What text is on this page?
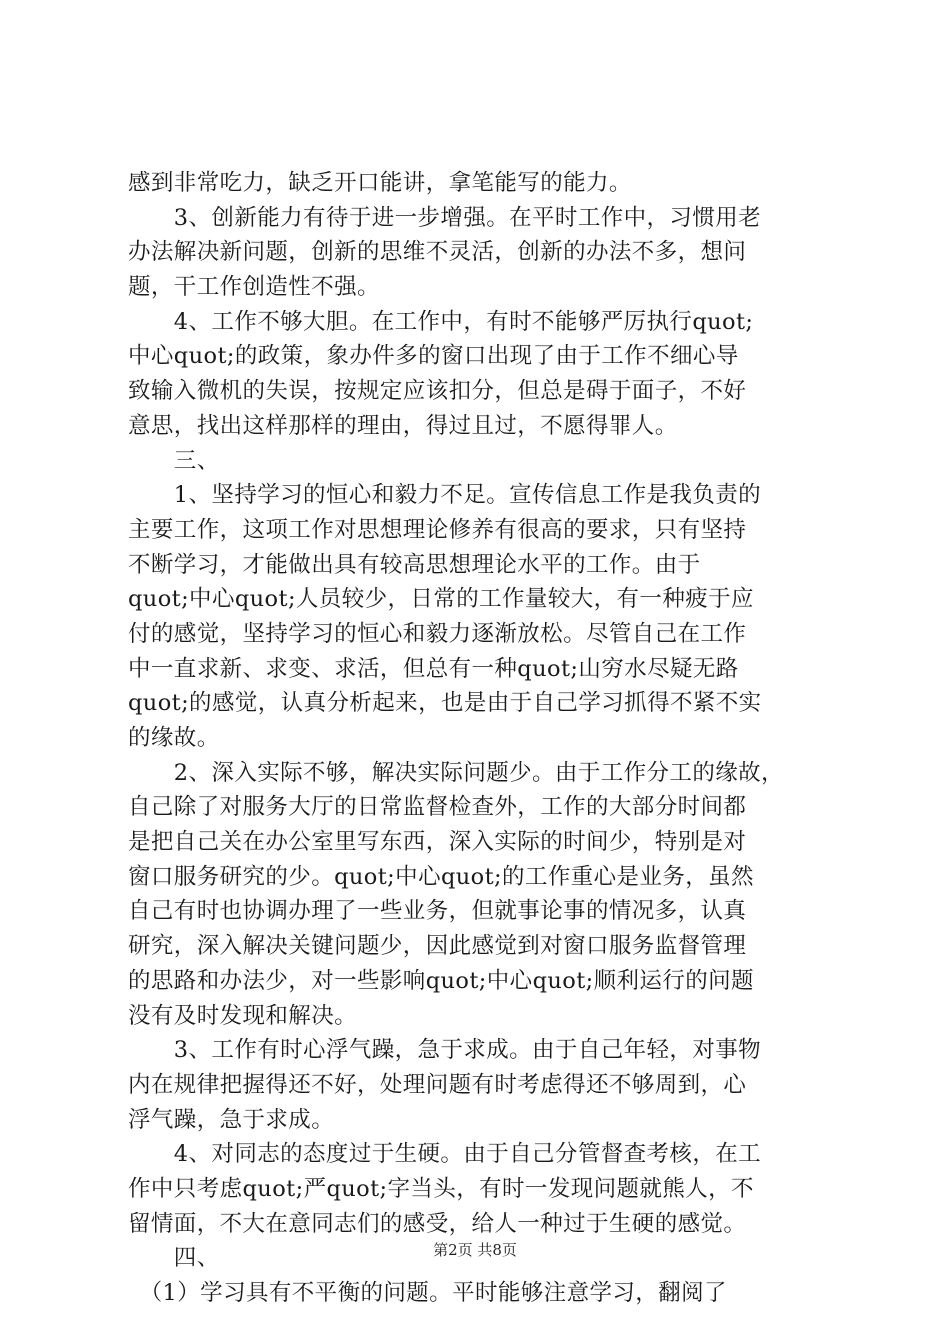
感到非常吃力，缺乏开口能讲，拿笔能写的能力。
　　3、创新能力有待于进一步增强。在平时工作中，习惯用老
办法解决新问题，创新的思维不灵活，创新的办法不多，想问
题，干工作创造性不强。
　　4、工作不够大胆。在工作中，有时不能够严厉执行quot;
中心quot;的政策，象办件多的窗口出现了由于工作不细心导
致输入微机的失误，按规定应该扣分，但总是碍于面子，不好
意思，找出这样那样的理由，得过且过，不愿得罪人。
　　三、
　　1、坚持学习的恒心和毅力不足。宣传信息工作是我负责的
主要工作，这项工作对思想理论修养有很高的要求，只有坚持
不断学习，才能做出具有较高思想理论水平的工作。由于
quot;中心quot;人员较少，日常的工作量较大，有一种疲于应
付的感觉，坚持学习的恒心和毅力逐渐放松。尽管自己在工作
中一直求新、求变、求活，但总有一种quot;山穷水尽疑无路
quot;的感觉，认真分析起来，也是由于自己学习抓得不紧不实
的缘故。
　　2、深入实际不够，解决实际问题少。由于工作分工的缘故，
自己除了对服务大厅的日常监督检查外，工作的大部分时间都
是把自己关在办公室里写东西，深入实际的时间少，特别是对
窗口服务研究的少。quot;中心quot;的工作重心是业务，虽然
自己有时也协调办理了一些业务，但就事论事的情况多，认真
研究，深入解决关键问题少，因此感觉到对窗口服务监督管理
的思路和办法少，对一些影响quot;中心quot;顺利运行的问题
没有及时发现和解决。
　　3、工作有时心浮气躁，急于求成。由于自己年轻，对事物
内在规律把握得还不好，处理问题有时考虑得还不够周到，心
浮气躁，急于求成。
　　4、对同志的态度过于生硬。由于自己分管督查考核，在工
作中只考虑quot;严quot;字当头，有时一发现问题就熊人，不
留情面，不大在意同志们的感受，给人一种过于生硬的感觉。
　　四、
　（1）学习具有不平衡的问题。平时能够注意学习，翻阅了
第2页 共8页
